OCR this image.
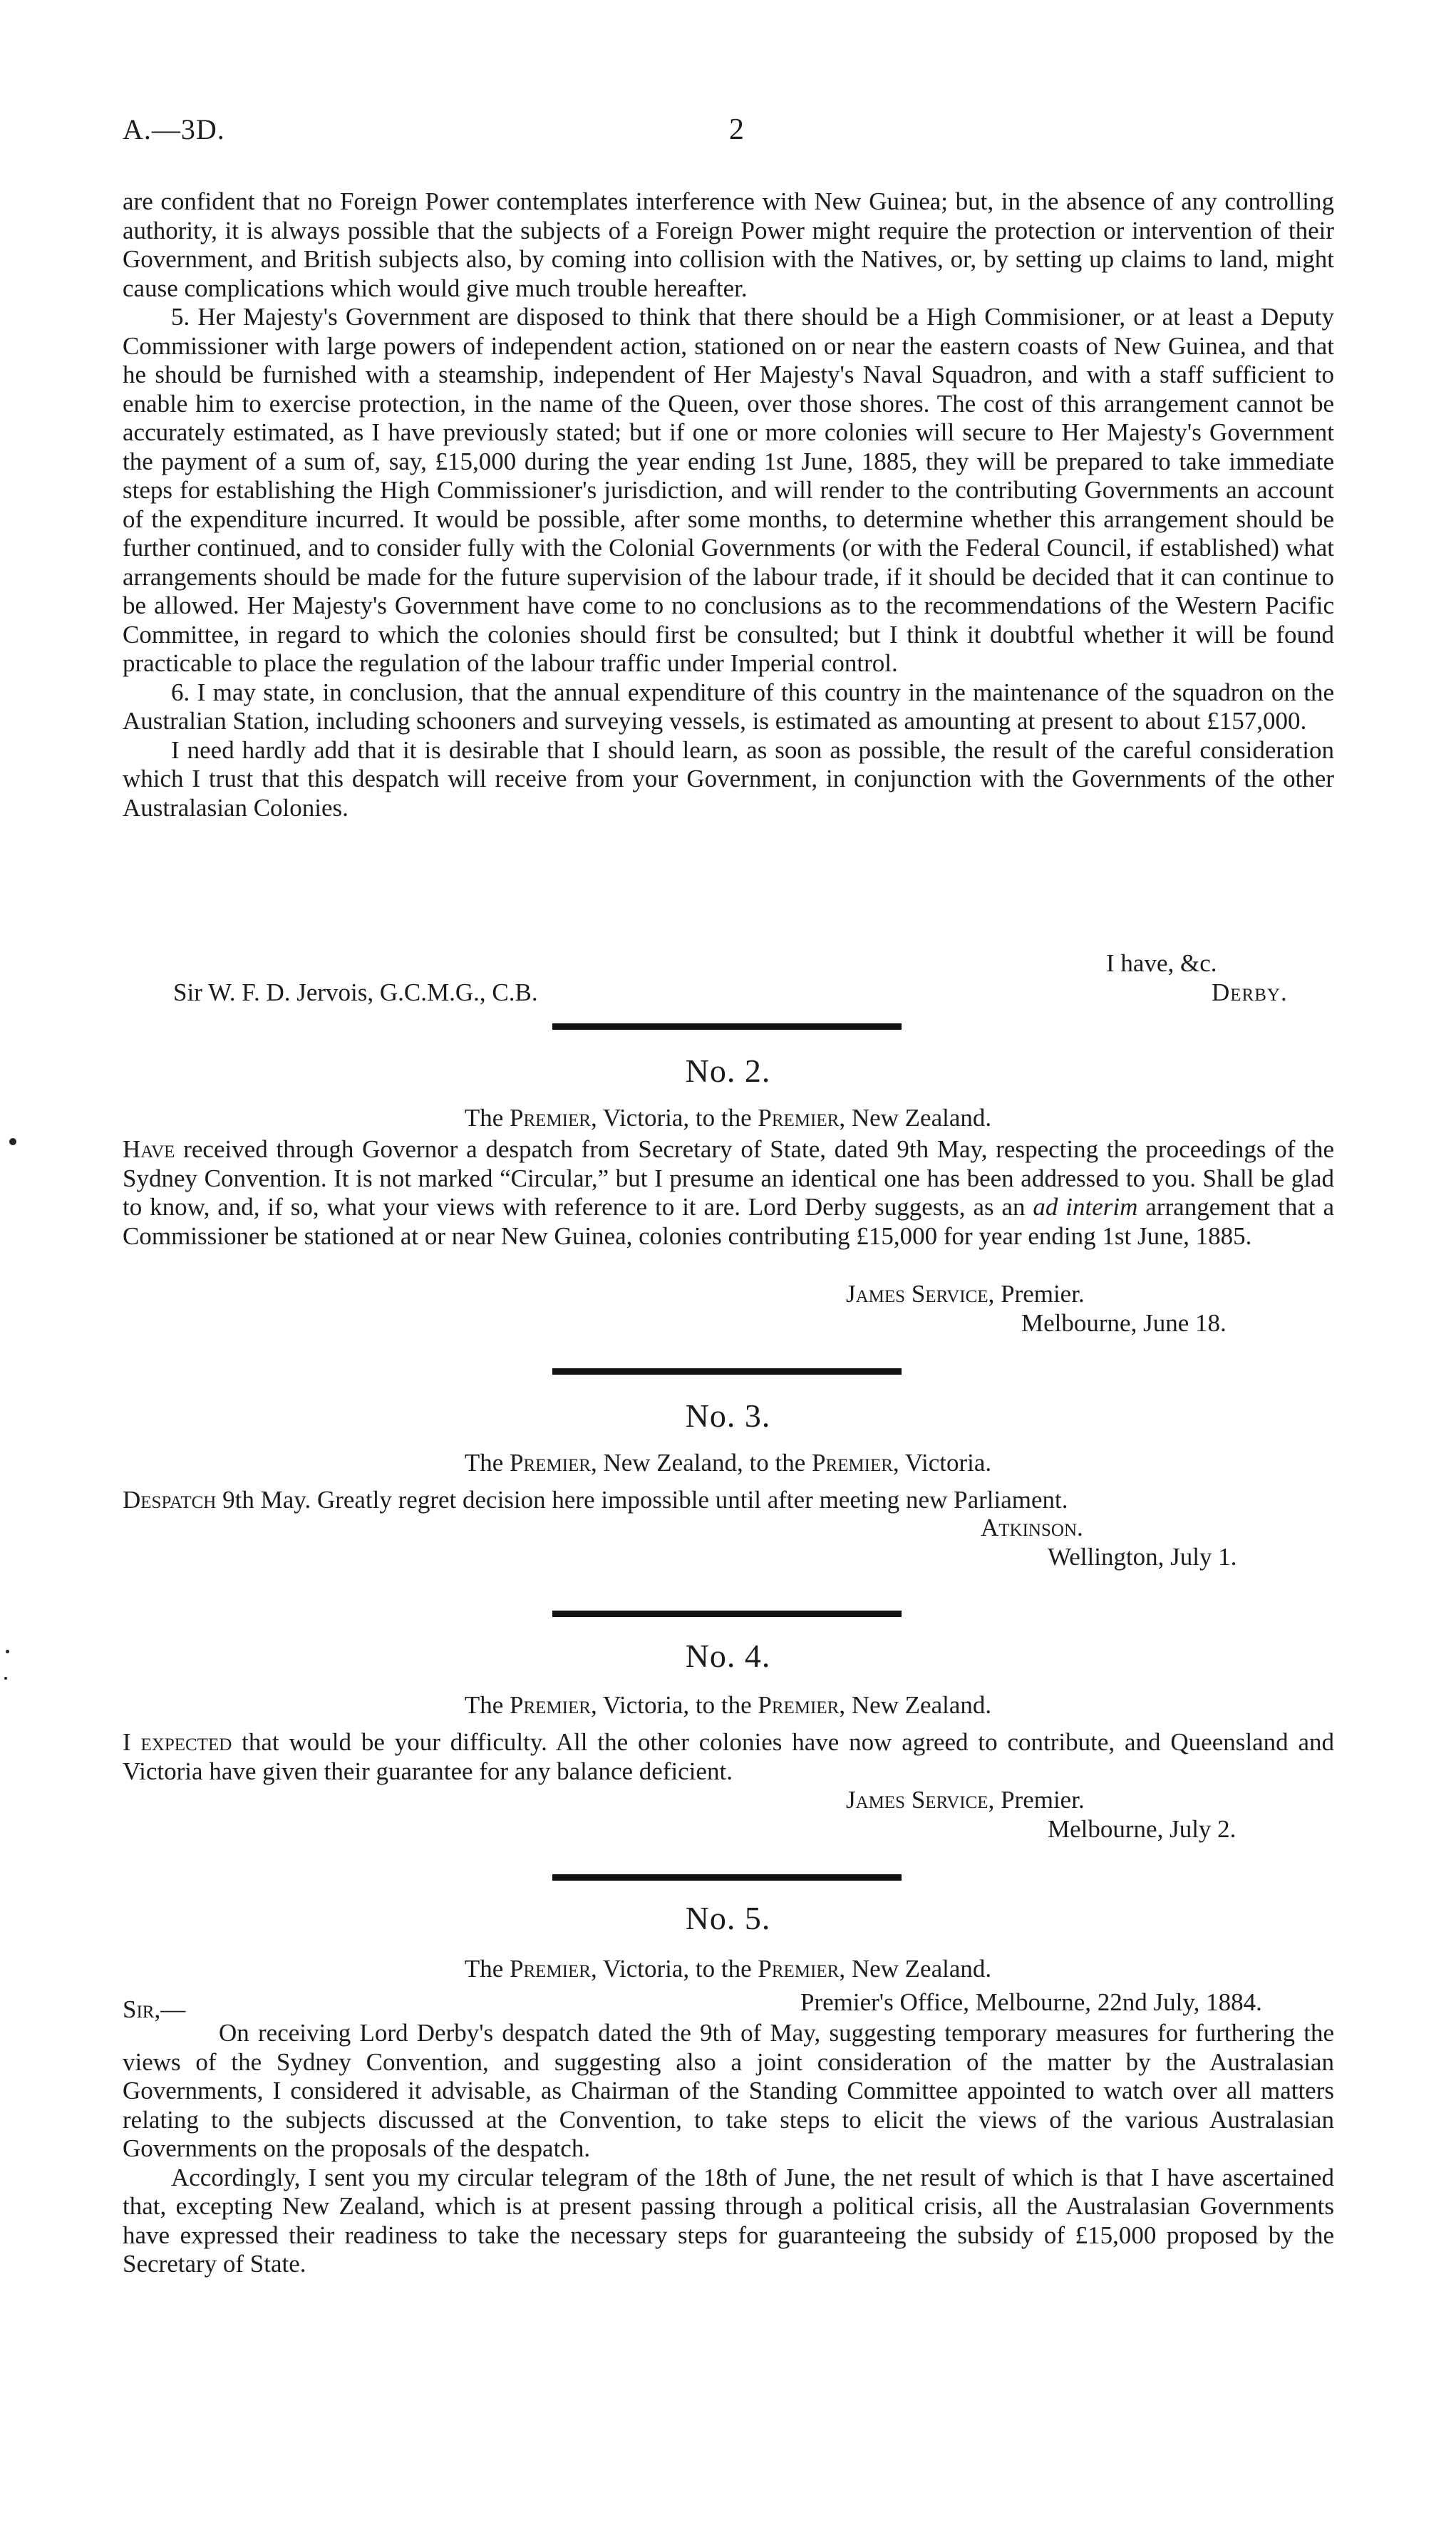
A.—3D.	2

are confident that no Foreign Power contemplates interference with New Guinea; but, in the absence of any controlling authority, it is always possible that the subjects of a Foreign Power might require the protection or intervention of their Government, and British subjects also, by coming into collision with the Natives, or, by setting up claims to land, might cause complications which would give much trouble hereafter.

5. Her Majesty's Government are disposed to think that there should be a High Commisioner, or at least a Deputy Commissioner with large powers of independent action, stationed on or near the eastern coasts of New Guinea, and that he should be furnished with a steamship, independent of Her Majesty's Naval Squadron, and with a staff sufficient to enable him to exercise protection, in the name of the Queen, over those shores. The cost of this arrangement cannot be accurately estimated, as I have previously stated; but if one or more colonies will secure to Her Majesty's Government the payment of a sum of, say, £15,000 during the year ending 1st June, 1885, they will be prepared to take immediate steps for establishing the High Commissioner's jurisdiction, and will render to the contributing Governments an account of the expenditure incurred. It would be possible, after some months, to determine whether this arrangement should be further continued, and to consider fully with the Colonial Governments (or with the Federal Council, if established) what arrangements should be made for the future supervision of the labour trade, if it should be decided that it can continue to be allowed. Her Majesty's Government have come to no conclusions as to the recommendations of the Western Pacific Committee, in regard to which the colonies should first be consulted; but I think it doubtful whether it will be found practicable to place the regulation of the labour traffic under Imperial control.

6. I may state, in conclusion, that the annual expenditure of this country in the maintenance of the squadron on the Australian Station, including schooners and surveying vessels, is estimated as amounting at present to about £157,000.

I need hardly add that it is desirable that I should learn, as soon as possible, the result of the careful consideration which I trust that this despatch will receive from your Government, in conjunction with the Governments of the other Australasian Colonies.

I have, &c.
Sir W. F. D. Jervois, G.C.M.G., C.B.	Derby.
No. 2.
The Premier, Victoria, to the Premier, New Zealand.

Have received through Governor a despatch from Secretary of State, dated 9th May, respecting the proceedings of the Sydney Convention. It is not marked “Circular,” but I presume an identical one has been addressed to you. Shall be glad to know, and, if so, what your views with reference to it are. Lord Derby suggests, as an ad interim arrangement that a Commissioner be stationed at or near New Guinea, colonies contributing £15,000 for year ending 1st June, 1885.

James Service, Premier.
Melbourne, June 18.
No. 3.
The Premier, New Zealand, to the Premier, Victoria.

Despatch 9th May. Greatly regret decision here impossible until after meeting new Parliament.

Atkinson.
Wellington, July 1.
No. 4.
The Premier, Victoria, to the Premier, New Zealand.

I expected that would be your difficulty. All the other colonies have now agreed to contribute, and Queensland and Victoria have given their guarantee for any balance deficient.

James Service, Premier.
Melbourne, July 2.
No. 5.
The Premier, Victoria, to the Premier, New Zealand.
Sir,—	Premier's Office, Melbourne, 22nd July, 1884.

On receiving Lord Derby's despatch dated the 9th of May, suggesting temporary measures for furthering the views of the Sydney Convention, and suggesting also a joint consideration of the matter by the Australasian Governments, I considered it advisable, as Chairman of the Standing Committee appointed to watch over all matters relating to the subjects discussed at the Convention, to take steps to elicit the views of the various Australasian Governments on the proposals of the despatch.

Accordingly, I sent you my circular telegram of the 18th of June, the net result of which is that I have ascertained that, excepting New Zealand, which is at present passing through a political crisis, all the Australasian Governments have expressed their readiness to take the necessary steps for guaranteeing the subsidy of £15,000 proposed by the Secretary of State.
